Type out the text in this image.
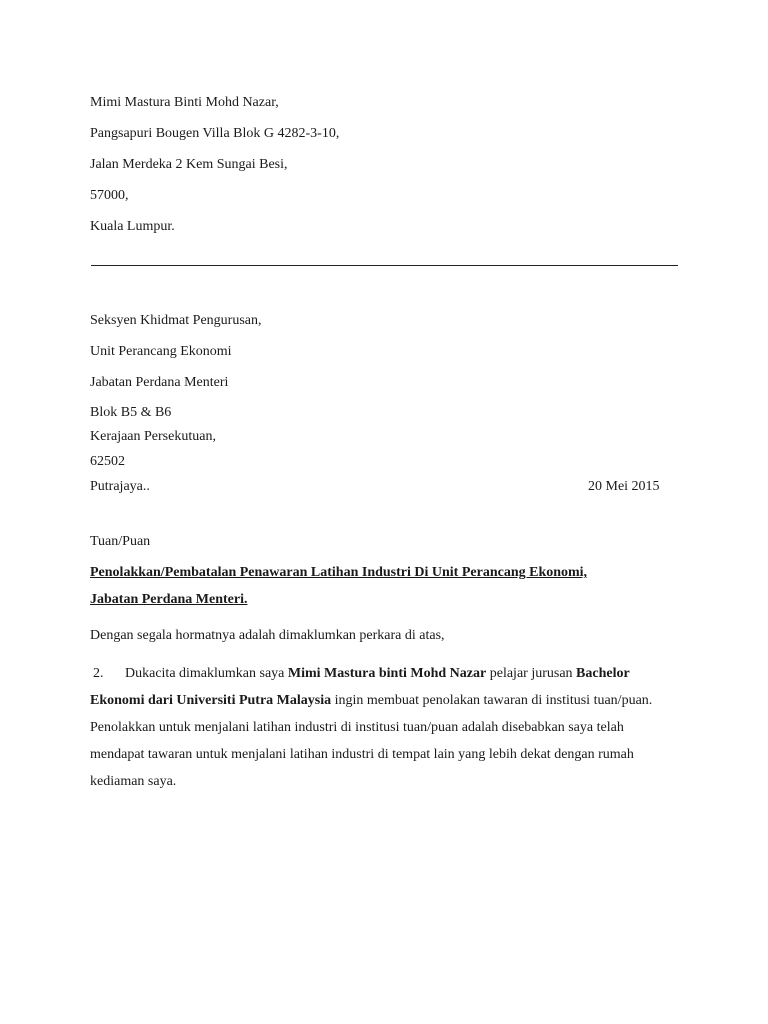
Mimi Mastura Binti Mohd Nazar,
Pangsapuri Bougen Villa Blok G 4282-3-10,
Jalan Merdeka 2 Kem Sungai Besi,
57000,
Kuala Lumpur.
Seksyen Khidmat Pengurusan,
Unit Perancang Ekonomi
Jabatan Perdana Menteri
Blok B5 & B6
Kerajaan Persekutuan,
62502
Putrajaya..	20 Mei 2015
Tuan/Puan
Penolakkan/Pembatalan Penawaran Latihan Industri Di Unit Perancang Ekonomi,
Jabatan Perdana Menteri.
Dengan segala hormatnya adalah dimaklumkan perkara di atas,
2. Dukacita dimaklumkan saya Mimi Mastura binti Mohd Nazar pelajar jurusan Bachelor Ekonomi dari Universiti Putra Malaysia ingin membuat penolakan tawaran di institusi tuan/puan. Penolakkan untuk menjalani latihan industri di institusi tuan/puan adalah disebabkan saya telah mendapat tawaran untuk menjalani latihan industri di tempat lain yang lebih dekat dengan rumah kediaman saya.
